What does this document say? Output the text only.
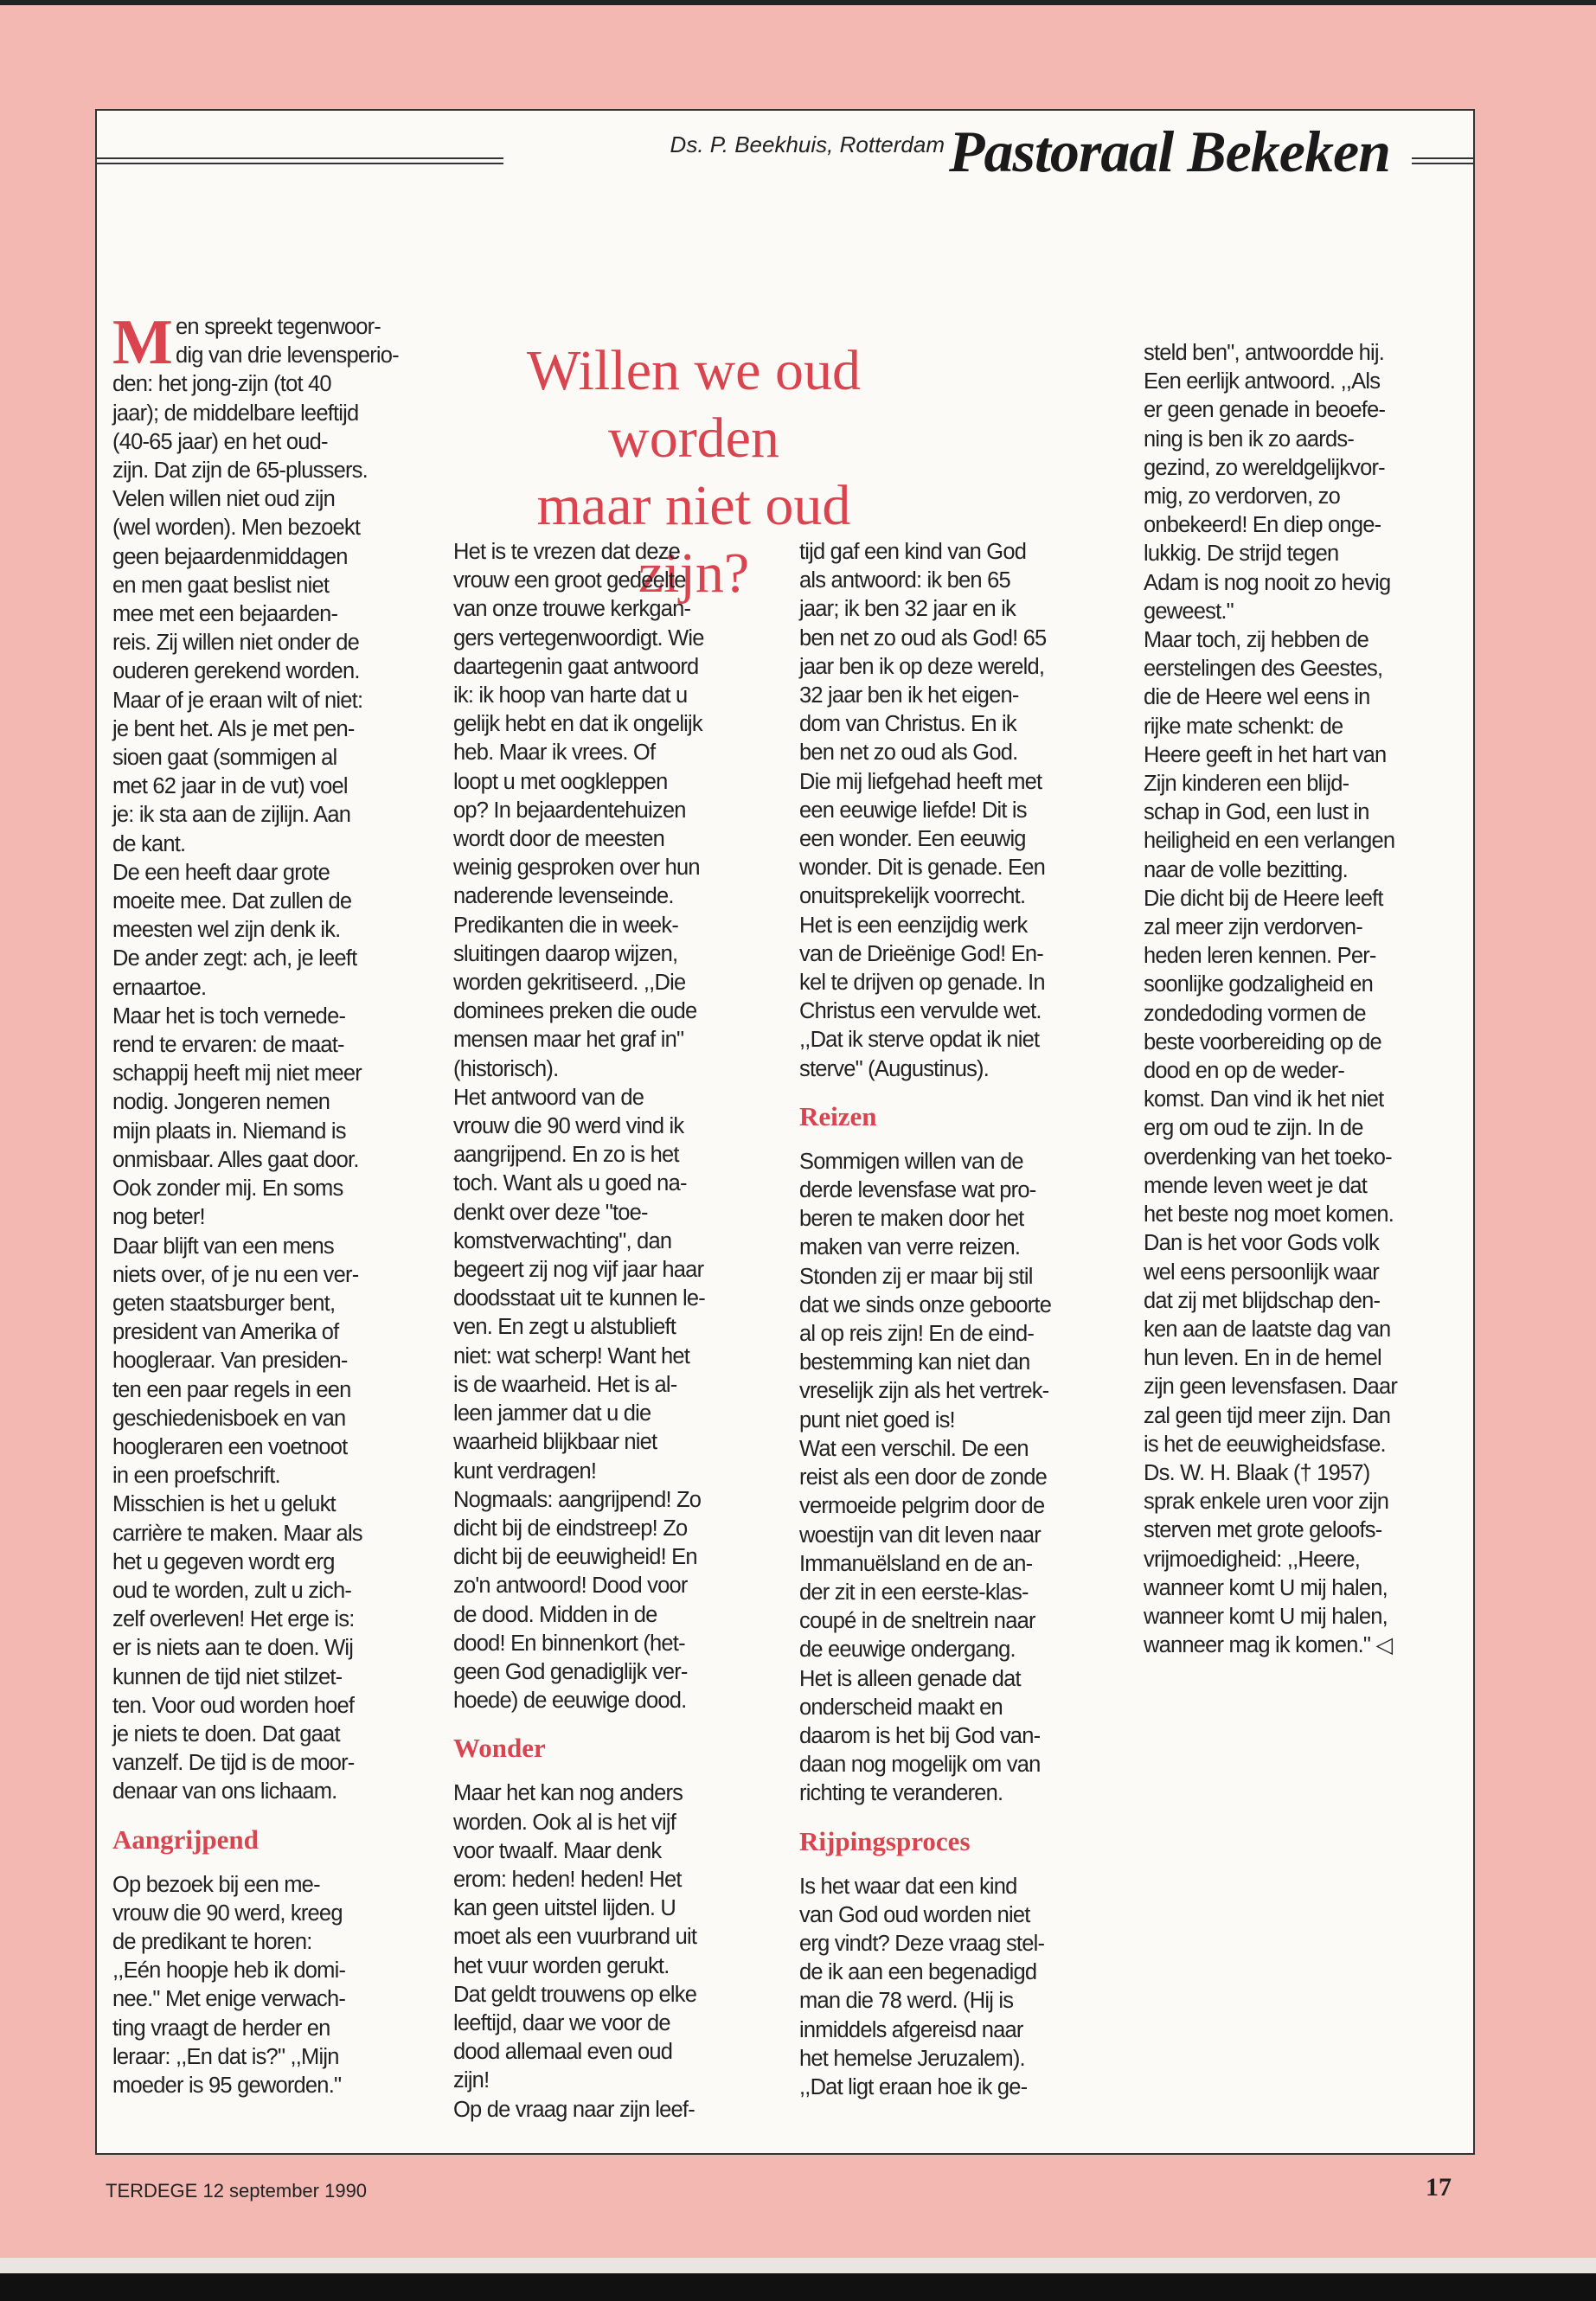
Ds. P. Beekhuis, Rotterdam Pastoraal Bekeken
Willen we oud worden
maar niet oud zijn?

Men spreekt tegenwoor-
dig van drie levensperio-
den: het jong-zijn (tot 40
jaar); de middelbare leeftijd
(40-65 jaar) en het oud-
zijn. Dat zijn de 65-plussers.
Velen willen niet oud zijn
(wel worden). Men bezoekt
geen bejaardenmiddagen
en men gaat beslist niet
mee met een bejaarden-
reis. Zij willen niet onder de
ouderen gerekend worden.
Maar of je eraan wilt of niet:
je bent het. Als je met pen-
sioen gaat (sommigen al
met 62 jaar in de vut) voel
je: ik sta aan de zijlijn. Aan
de kant.
De een heeft daar grote
moeite mee. Dat zullen de
meesten wel zijn denk ik.
De ander zegt: ach, je leeft
ernaartoe.
Maar het is toch vernede-
rend te ervaren: de maat-
schappij heeft mij niet meer
nodig. Jongeren nemen
mijn plaats in. Niemand is
onmisbaar. Alles gaat door.
Ook zonder mij. En soms
nog beter!
Daar blijft van een mens
niets over, of je nu een ver-
geten staatsburger bent,
president van Amerika of
hoogleraar. Van presiden-
ten een paar regels in een
geschiedenisboek en van
hoogleraren een voetnoot
in een proefschrift.
Misschien is het u gelukt
carrière te maken. Maar als
het u gegeven wordt erg
oud te worden, zult u zich-
zelf overleven! Het erge is:
er is niets aan te doen. Wij
kunnen de tijd niet stilzet-
ten. Voor oud worden hoef
je niets te doen. Dat gaat
vanzelf. De tijd is de moor-
denaar van ons lichaam.

Aangrijpend

Op bezoek bij een me-
vrouw die 90 werd, kreeg
de predikant te horen:
,,Eén hoopje heb ik domi-
nee." Met enige verwach-
ting vraagt de herder en
leraar: ,,En dat is?" ,,Mijn
moeder is 95 geworden."

Het is te vrezen dat deze
vrouw een groot gedeelte
van onze trouwe kerkgan-
gers vertegenwoordigt. Wie
daartegenin gaat antwoord
ik: ik hoop van harte dat u
gelijk hebt en dat ik ongelijk
heb. Maar ik vrees. Of
loopt u met oogkleppen
op? In bejaardentehuizen
wordt door de meesten
weinig gesproken over hun
naderende levenseinde.
Predikanten die in week-
sluitingen daarop wijzen,
worden gekritiseerd. ,,Die
dominees preken die oude
mensen maar het graf in"
(historisch).
Het antwoord van de
vrouw die 90 werd vind ik
aangrijpend. En zo is het
toch. Want als u goed na-
denkt over deze "toe-
komstverwachting", dan
begeert zij nog vijf jaar haar
doodsstaat uit te kunnen le-
ven. En zegt u alstublieft
niet: wat scherp! Want het
is de waarheid. Het is al-
leen jammer dat u die
waarheid blijkbaar niet
kunt verdragen!
Nogmaals: aangrijpend! Zo
dicht bij de eindstreep! Zo
dicht bij de eeuwigheid! En
zo'n antwoord! Dood voor
de dood. Midden in de
dood! En binnenkort (het-
geen God genadiglijk ver-
hoede) de eeuwige dood.

Wonder

Maar het kan nog anders
worden. Ook al is het vijf
voor twaalf. Maar denk
erom: heden! heden! Het
kan geen uitstel lijden. U
moet als een vuurbrand uit
het vuur worden gerukt.
Dat geldt trouwens op elke
leeftijd, daar we voor de
dood allemaal even oud
zijn!
Op de vraag naar zijn leef-

tijd gaf een kind van God
als antwoord: ik ben 65
jaar; ik ben 32 jaar en ik
ben net zo oud als God! 65
jaar ben ik op deze wereld,
32 jaar ben ik het eigen-
dom van Christus. En ik
ben net zo oud als God.
Die mij liefgehad heeft met
een eeuwige liefde! Dit is
een wonder. Een eeuwig
wonder. Dit is genade. Een
onuitsprekelijk voorrecht.
Het is een eenzijdig werk
van de Drieënige God! En-
kel te drijven op genade. In
Christus een vervulde wet.
,,Dat ik sterve opdat ik niet
sterve" (Augustinus).

Reizen

Sommigen willen van de
derde levensfase wat pro-
beren te maken door het
maken van verre reizen.
Stonden zij er maar bij stil
dat we sinds onze geboorte
al op reis zijn! En de eind-
bestemming kan niet dan
vreselijk zijn als het vertrek-
punt niet goed is!
Wat een verschil. De een
reist als een door de zonde
vermoeide pelgrim door de
woestijn van dit leven naar
Immanuëlsland en de an-
der zit in een eerste-klas-
coupé in de sneltrein naar
de eeuwige ondergang.
Het is alleen genade dat
onderscheid maakt en
daarom is het bij God van-
daan nog mogelijk om van
richting te veranderen.

Rijpingsproces

Is het waar dat een kind
van God oud worden niet
erg vindt? Deze vraag stel-
de ik aan een begenadigd
man die 78 werd. (Hij is
inmiddels afgereisd naar
het hemelse Jeruzalem).
,,Dat ligt eraan hoe ik ge-

steld ben", antwoordde hij.
Een eerlijk antwoord. ,,Als
er geen genade in beoefe-
ning is ben ik zo aards-
gezind, zo wereldgelijkvor-
mig, zo verdorven, zo
onbekeerd! En diep onge-
lukkig. De strijd tegen
Adam is nog nooit zo hevig
geweest."
Maar toch, zij hebben de
eerstelingen des Geestes,
die de Heere wel eens in
rijke mate schenkt: de
Heere geeft in het hart van
Zijn kinderen een blijd-
schap in God, een lust in
heiligheid en een verlangen
naar de volle bezitting.
Die dicht bij de Heere leeft
zal meer zijn verdorven-
heden leren kennen. Per-
soonlijke godzaligheid en
zondedoding vormen de
beste voorbereiding op de
dood en op de weder-
komst. Dan vind ik het niet
erg om oud te zijn. In de
overdenking van het toeko-
mende leven weet je dat
het beste nog moet komen.
Dan is het voor Gods volk
wel eens persoonlijk waar
dat zij met blijdschap den-
ken aan de laatste dag van
hun leven. En in de hemel
zijn geen levensfasen. Daar
zal geen tijd meer zijn. Dan
is het de eeuwigheidsfase.
Ds. W. H. Blaak († 1957)
sprak enkele uren voor zijn
sterven met grote geloofs-
vrijmoedigheid: ,,Heere,
wanneer komt U mij halen,
wanneer komt U mij halen,
wanneer mag ik komen." ◁

TERDEGE 12 september 1990	17
